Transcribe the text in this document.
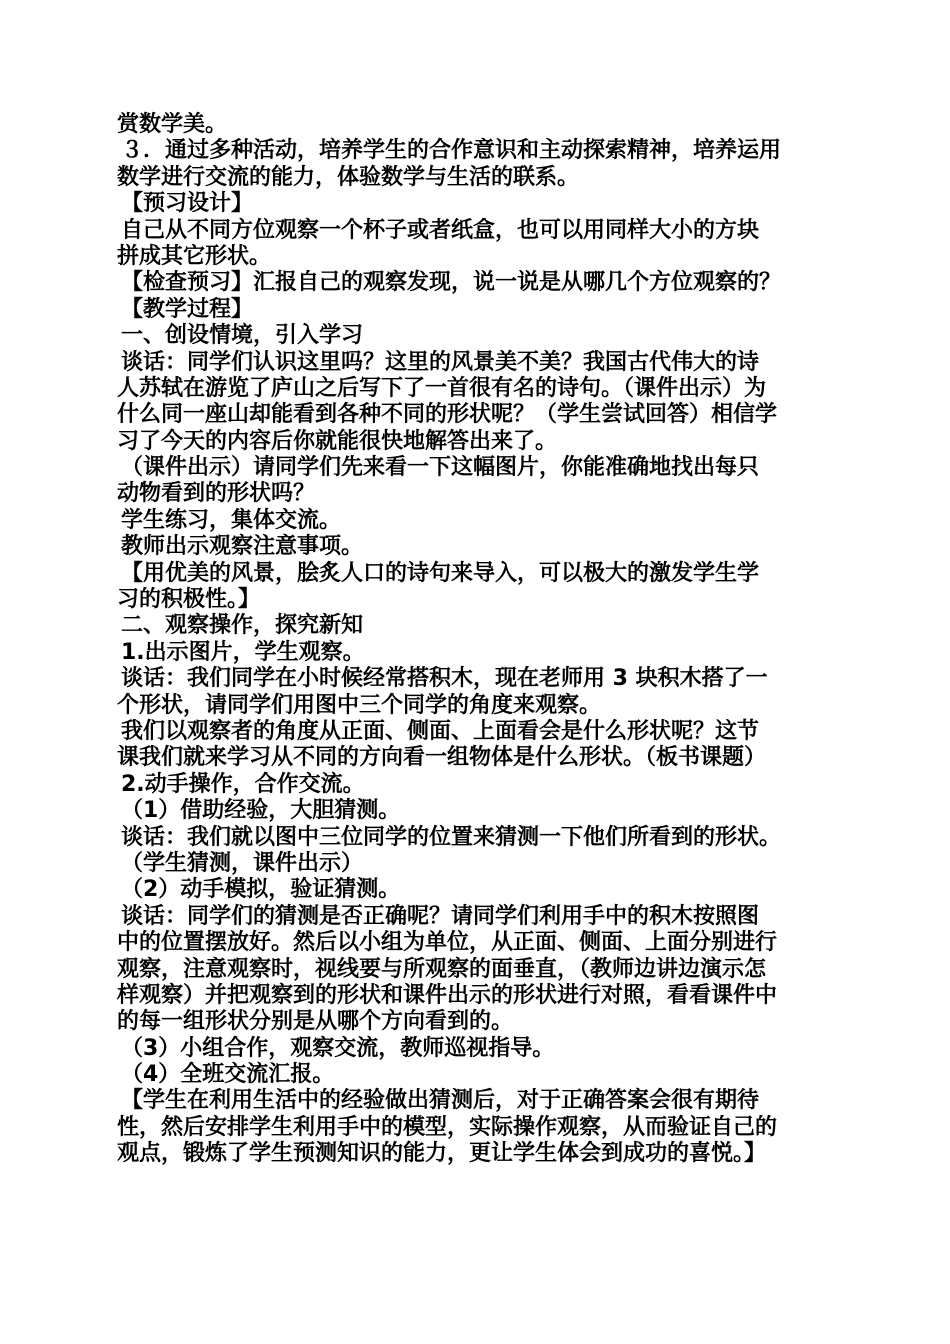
赏数学美。
３．通过多种活动，培养学生的合作意识和主动探索精神，培养运用
数学进行交流的能力，体验数学与生活的联系。
【预习设计】
自己从不同方位观察一个杯子或者纸盒，也可以用同样大小的方块
拼成其它形状。
【检查预习】汇报自己的观察发现，说一说是从哪几个方位观察的？
【教学过程】
一、创设情境，引入学习
谈话：同学们认识这里吗？这里的风景美不美？我国古代伟大的诗
人苏轼在游览了庐山之后写下了一首很有名的诗句。（课件出示）为
什么同一座山却能看到各种不同的形状呢？（学生尝试回答）相信学
习了今天的内容后你就能很快地解答出来了。
（课件出示）请同学们先来看一下这幅图片，你能准确地找出每只
动物看到的形状吗？
学生练习，集体交流。
教师出示观察注意事项。
【用优美的风景，脍炙人口的诗句来导入，可以极大的激发学生学
习的积极性。】
二、观察操作，探究新知
1.出示图片，学生观察。
谈话：我们同学在小时候经常搭积木，现在老师用 3 块积木搭了一
个形状，请同学们用图中三个同学的角度来观察。
我们以观察者的角度从正面、侧面、上面看会是什么形状呢？这节
课我们就来学习从不同的方向看一组物体是什么形状。（板书课题）
2.动手操作，合作交流。
（1）借助经验，大胆猜测。
谈话：我们就以图中三位同学的位置来猜测一下他们所看到的形状。
（学生猜测，课件出示）
（2）动手模拟，验证猜测。
谈话：同学们的猜测是否正确呢？请同学们利用手中的积木按照图
中的位置摆放好。然后以小组为单位，从正面、侧面、上面分别进行
观察，注意观察时，视线要与所观察的面垂直，（教师边讲边演示怎
样观察）并把观察到的形状和课件出示的形状进行对照，看看课件中
的每一组形状分别是从哪个方向看到的。
（3）小组合作，观察交流，教师巡视指导。
（4）全班交流汇报。
【学生在利用生活中的经验做出猜测后，对于正确答案会很有期待
性，然后安排学生利用手中的模型，实际操作观察，从而验证自己的
观点，锻炼了学生预测知识的能力，更让学生体会到成功的喜悦。】
